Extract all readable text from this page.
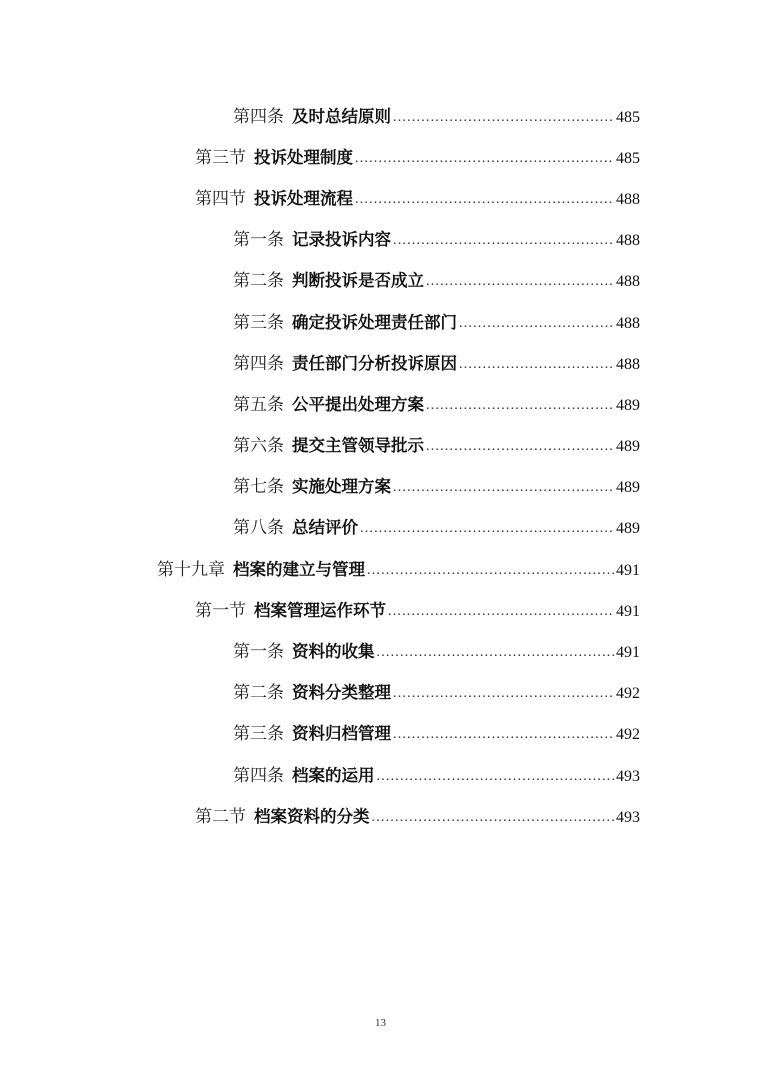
第四条 及时总结原则 .....	485
第三节 投诉处理制度 .....	485
第四节 投诉处理流程 .....	488
第一条 记录投诉内容 .....	488
第二条 判断投诉是否成立 .....	488
第三条 确定投诉处理责任部门 .....	488
第四条 责任部门分析投诉原因 .....	488
第五条 公平提出处理方案 .....	489
第六条 提交主管领导批示 .....	489
第七条 实施处理方案 .....	489
第八条 总结评价 .....	489
第十九章 档案的建立与管理 .....	491
第一节 档案管理运作环节 .....	491
第一条 资料的收集 .....	491
第二条 资料分类整理 .....	492
第三条 资料归档管理 .....	492
第四条 档案的运用 .....	493
第二节 档案资料的分类 .....	493
13
